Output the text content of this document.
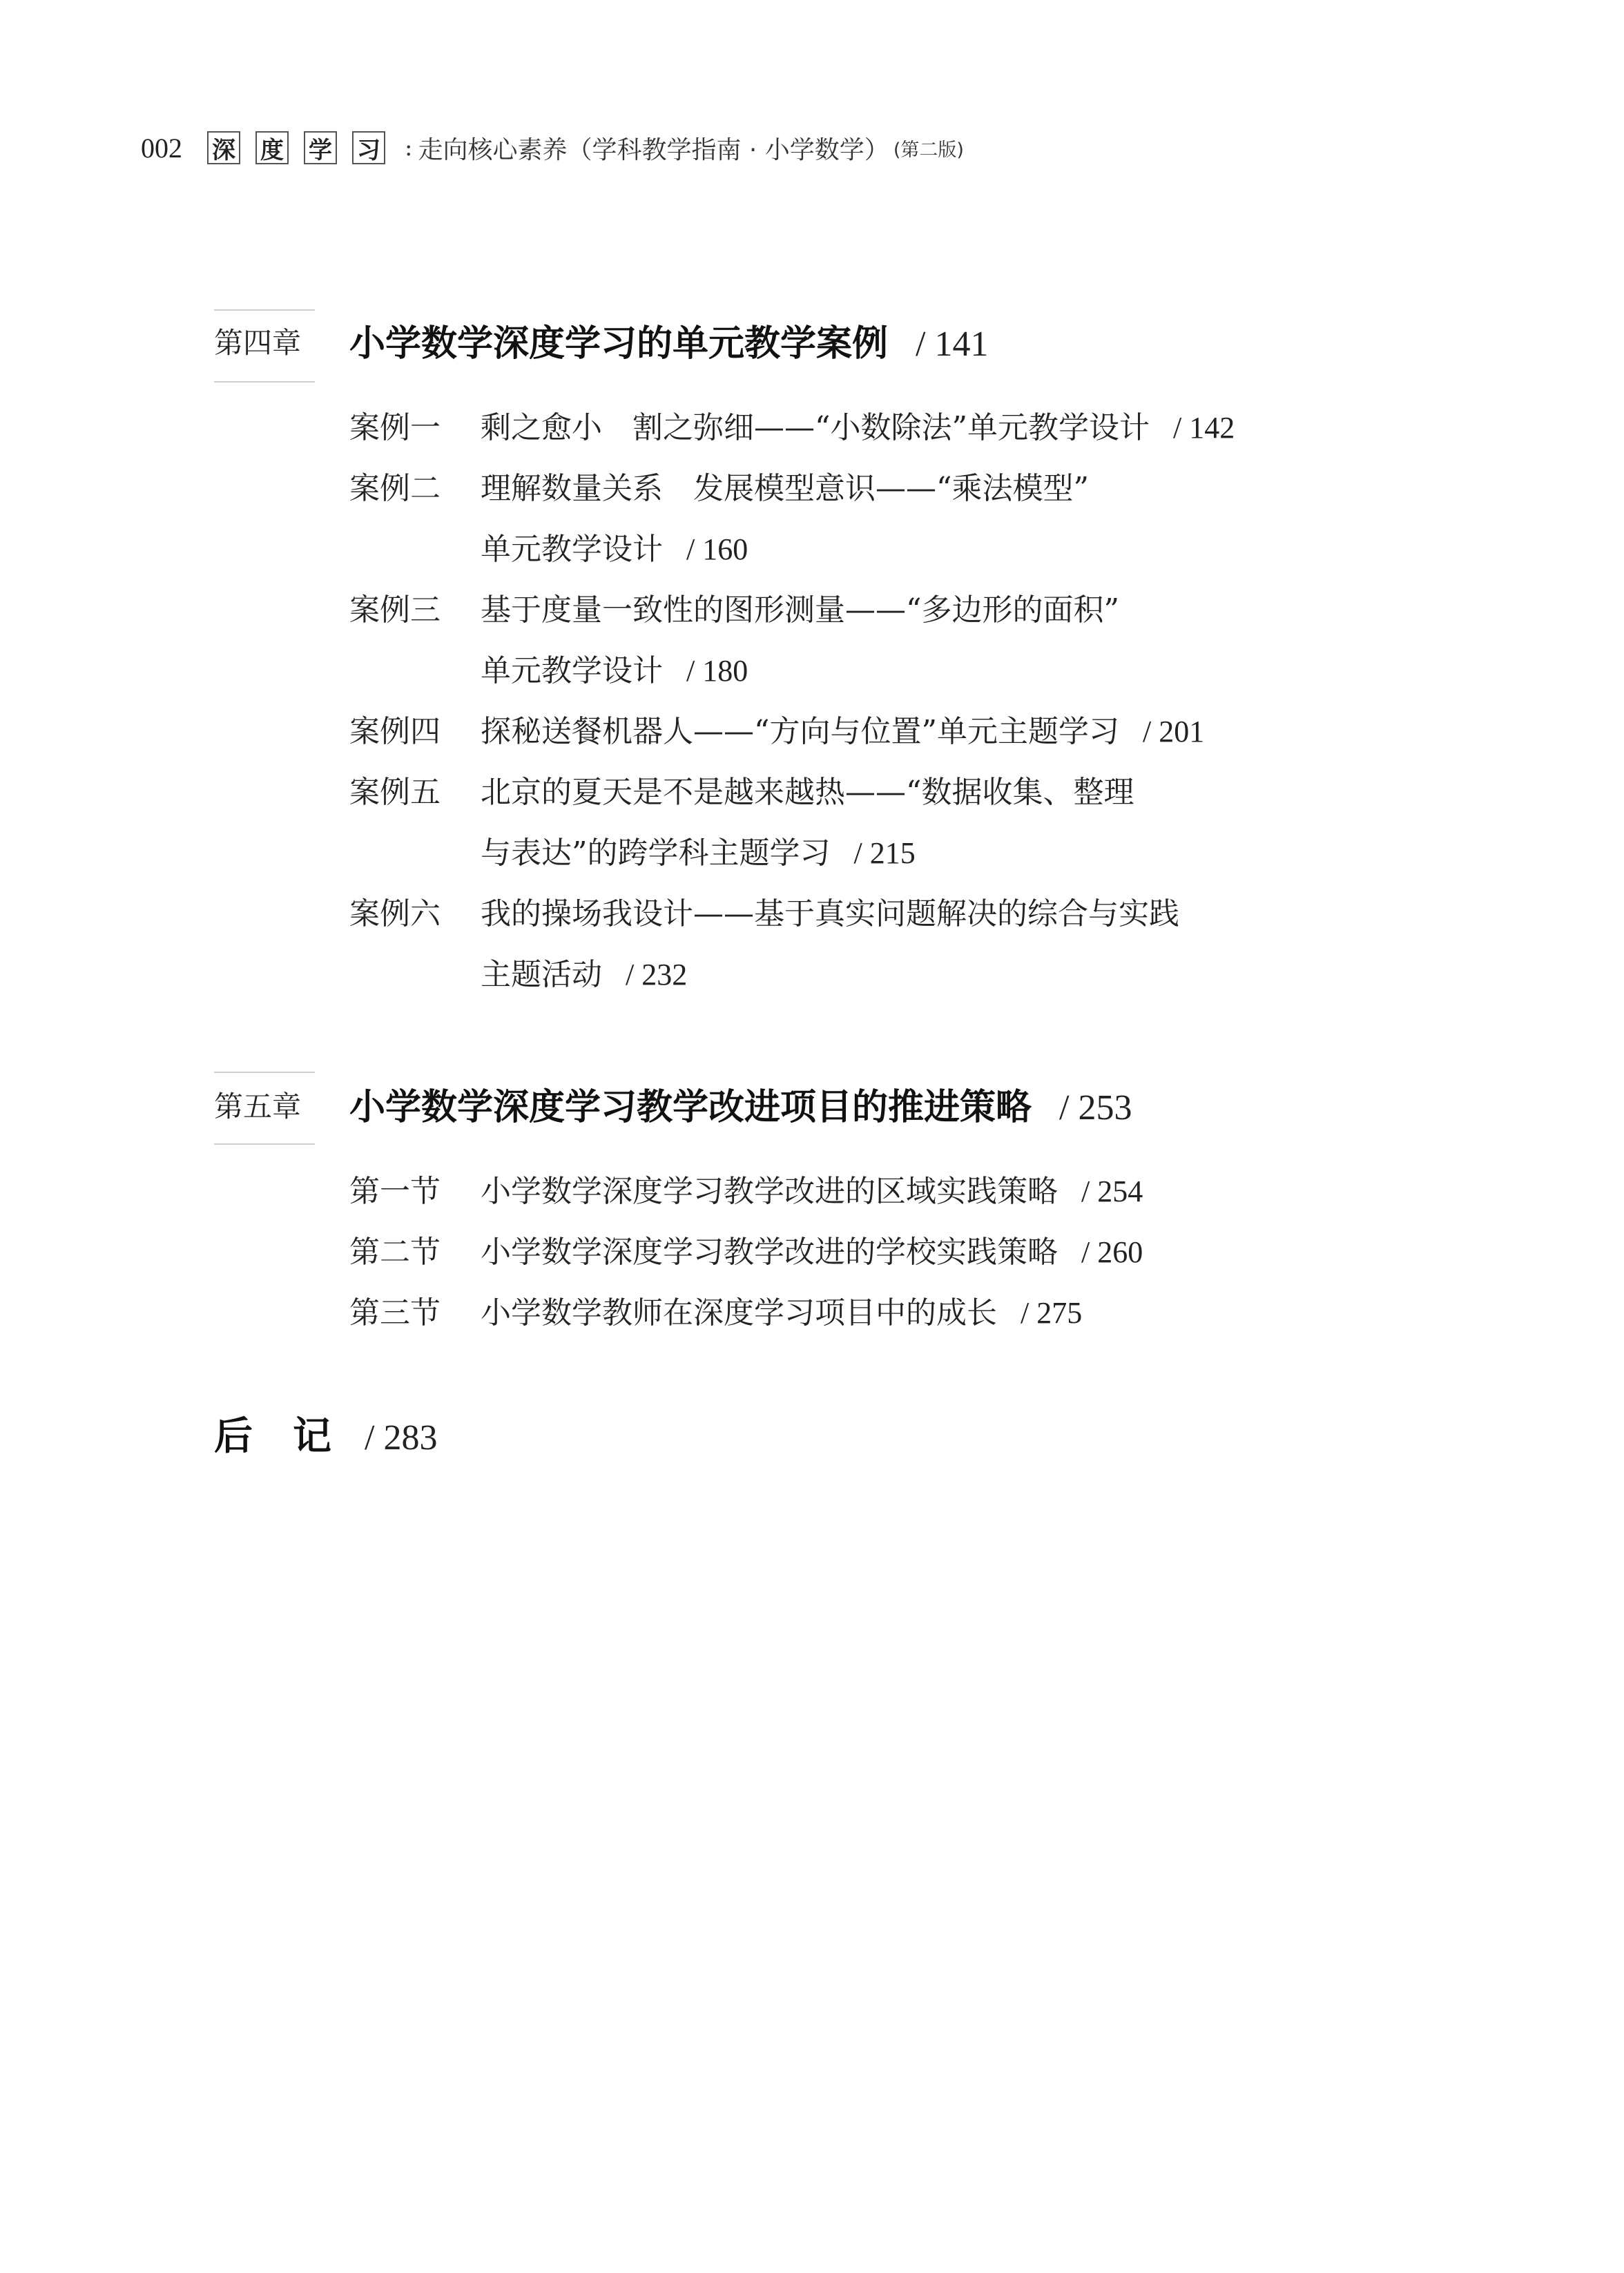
002 深 度 学 习 : 走向核心素养（学科教学指南 · 小学数学） (第二版)
第四章 小学数学深度学习的单元教学案例 / 141
案例一 剩之愈小　割之弥细——“小数除法”单元教学设计 / 142
案例二 理解数量关系　发展模型意识——“乘法模型”
单元教学设计 / 160
案例三 基于度量一致性的图形测量——“多边形的面积”
单元教学设计 / 180
案例四 探秘送餐机器人——“方向与位置”单元主题学习 / 201
案例五 北京的夏天是不是越来越热——“数据收集、整理
与表达”的跨学科主题学习 / 215
案例六 我的操场我设计——基于真实问题解决的综合与实践
主题活动 / 232
第五章 小学数学深度学习教学改进项目的推进策略 / 253
第一节 小学数学深度学习教学改进的区域实践策略 / 254
第二节 小学数学深度学习教学改进的学校实践策略 / 260
第三节 小学数学教师在深度学习项目中的成长 / 275
后记/ 283
